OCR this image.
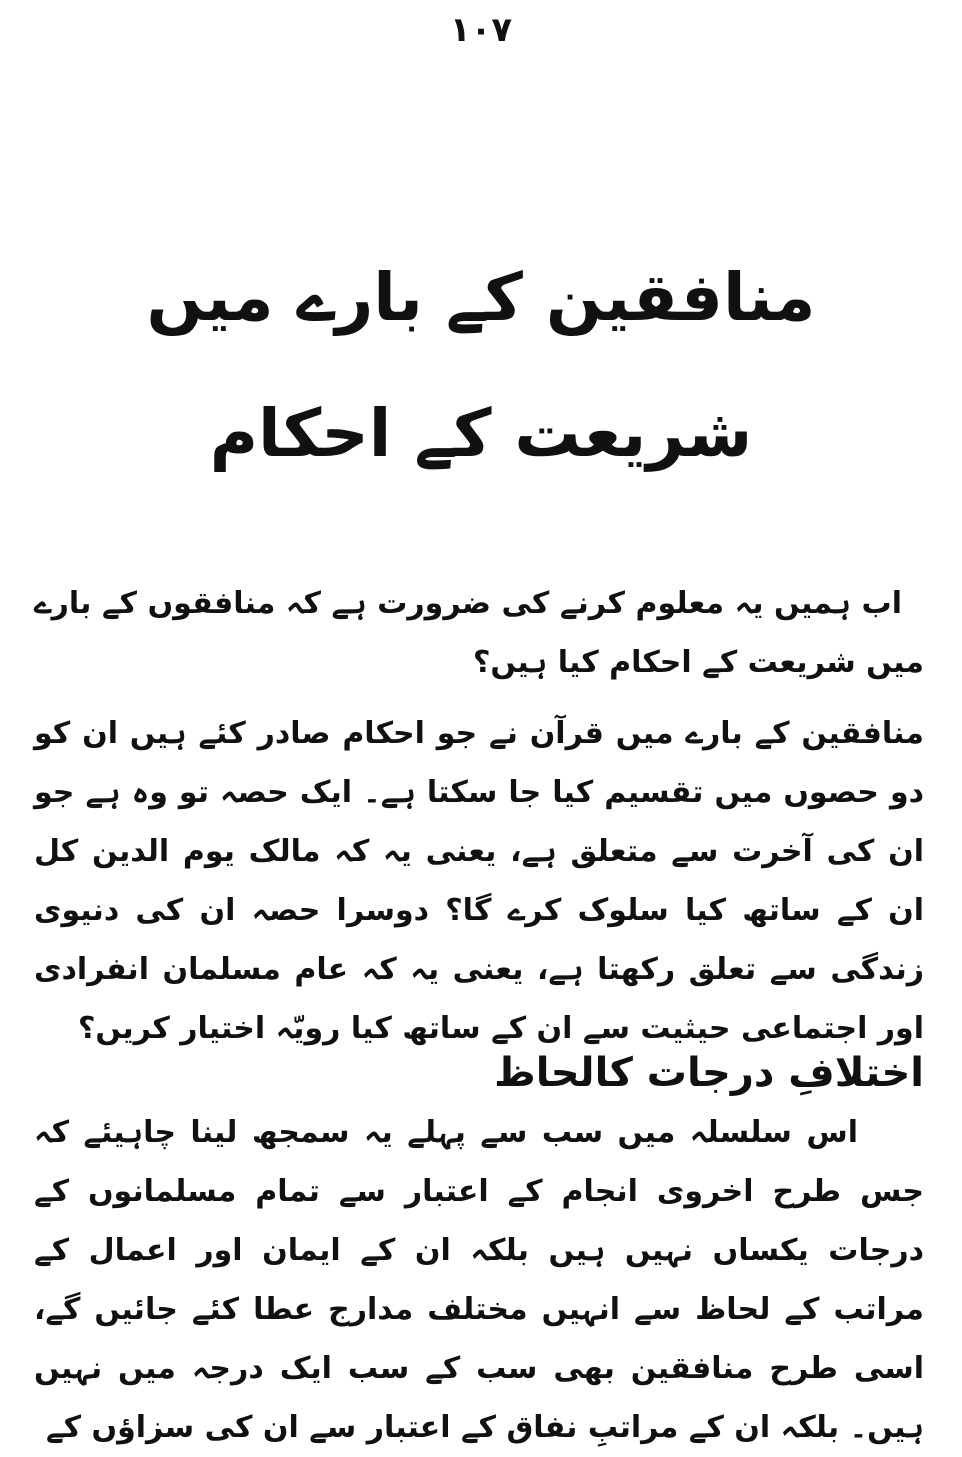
١٠٧
منافقین کے بارے میں
شریعت کے احکام
اب ہمیں یہ معلوم کرنے کی ضرورت ہے کہ منافقوں کے بارے میں شریعت کے احکام کیا ہیں؟
منافقین کے بارے میں قرآن نے جو احکام صادر کئے ہیں ان کو دو حصوں میں تقسیم کیا جا سکتا ہے۔ ایک حصہ تو وہ ہے جو ان کی آخرت سے متعلق ہے، یعنی یہ کہ مالک یوم الدین کل ان کے ساتھ کیا سلوک کرے گا؟ دوسرا حصہ ان کی دنیوی زندگی سے تعلق رکھتا ہے، یعنی یہ کہ عام مسلمان انفرادی اور اجتماعی حیثیت سے ان کے ساتھ کیا رویّہ اختیار کریں؟
اختلافِ درجات کالحاظ
اس سلسلہ میں سب سے پہلے یہ سمجھ لینا چاہیئے کہ جس طرح اخروی انجام کے اعتبار سے تمام مسلمانوں کے درجات یکساں نہیں ہیں بلکہ ان کے ایمان اور اعمال کے مراتب کے لحاظ سے انہیں مختلف مدارج عطا کئے جائیں گے، اسی طرح منافقین بھی سب کے سب ایک درجہ میں نہیں ہیں۔ بلکہ ان کے مراتبِ نفاق کے اعتبار سے ان کی سزاؤں کے
